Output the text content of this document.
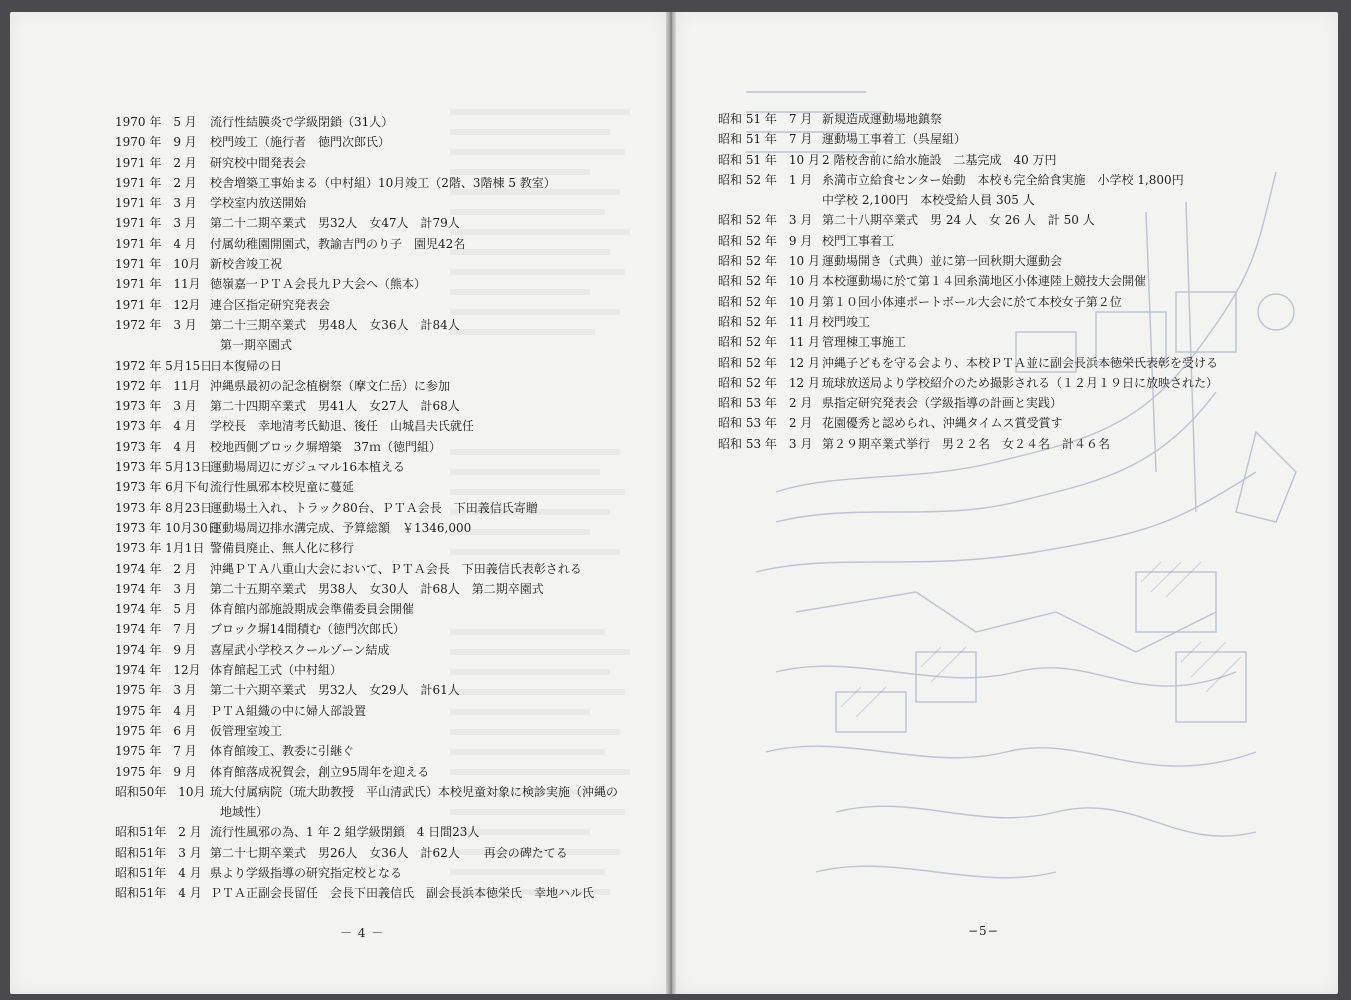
1970 年　5 月 流行性結膜炎で学級閉鎖（31人）
1970 年　9 月 校門竣工（施行者　徳門次郎氏）
1971 年　2 月 研究校中間発表会
1971 年　2 月 校舎増築工事始まる（中村組）10月竣工（2階、3階棟 5 教室）
1971 年　3 月 学校室内放送開始
1971 年　3 月 第二十二期卒業式　男32人　女47人　計79人
1971 年　4 月 付属幼稚園開園式，教諭吉門のり子　園児42名
1971 年　10月 新校舎竣工祝
1971 年　11月 徳嶺嘉一ＰＴＡ会長九Ｐ大会へ（熊本）
1971 年　12月 連合区指定研究発表会
1972 年　3 月 第二十三期卒業式　男48人　女36人　計84人
第一期卒園式
1972 年 5月15日
日本復帰の日
1972 年　11月 沖縄県最初の記念植樹祭（摩文仁岳）に参加
1973 年　3 月 第二十四期卒業式　男41人　女27人　計68人
1973 年　4 月 学校長　幸地清考氏勧退、後任　山城昌夫氏就任
1973 年　4 月 校地西側ブロック塀増築　37ｍ（徳門組）
1973 年 5月13日
運動場周辺にガジュマル16本植える
1973 年 6月下旬 流行性風邪本校児童に蔓延
1973 年 8月23日
運動場土入れ、トラック80台、ＰＴＡ会長　下田義信氏寄贈
1973 年 10月30日
運動場周辺排水溝完成、予算総額　￥1346,000
1973 年 1月1日 警備員廃止、無人化に移行
1974 年　2 月 沖縄ＰＴＡ八重山大会において、ＰＴＡ会長　下田義信氏表彰される
1974 年　3 月 第二十五期卒業式　男38人　女30人　計68人　第二期卒園式
1974 年　5 月 体育館内部施設期成会準備委員会開催
1974 年　7 月 ブロック塀14間積む（徳門次郎氏）
1974 年　9 月 喜屋武小学校スクールゾーン結成
1974 年　12月 体育館起工式（中村組）
1975 年　3 月 第二十六期卒業式　男32人　女29人　計61人
1975 年　4 月 ＰＴＡ組織の中に婦人部設置
1975 年　6 月 仮管理室竣工
1975 年　7 月 体育館竣工、教委に引継ぐ
1975 年　9 月 体育館落成祝賀会，創立95周年を迎える
昭和50年　10月 琉大付属病院（琉大助教授　平山清武氏）本校児童対象に検診実施（沖縄の
地域性）
昭和51年　2 月 流行性風邪の為、1 年 2 組学級閉鎖　4 日間23人
昭和51年　3 月 第二十七期卒業式　男26人　女36人　計62人　　再会の碑たてる
昭和51年　4 月 県より学級指導の研究指定校となる
昭和51年　4 月 ＰＴＡ正副会長留任　会長下田義信氏　副会長浜本徳栄氏　幸地ハル氏
－ 4 －
昭和 51 年　7 月 新規造成運動場地鎮祭
昭和 51 年　7 月 運動場工事着工（呉屋組）
昭和 51 年　10 月 2 階校舎前に給水施設　二基完成　40 万円
昭和 52 年　1 月 糸満市立給食センター始動　本校も完全給食実施　小学校 1,800円
中学校 2,100円　本校受給人員 305 人
昭和 52 年　3 月 第二十八期卒業式　男 24 人　女 26 人　計 50 人
昭和 52 年　9 月 校門工事着工
昭和 52 年　10 月 運動場開き（式典）並に第一回秋期大運動会
昭和 52 年　10 月 本校運動場に於て第１４回糸満地区小体連陸上競技大会開催
昭和 52 年　10 月 第１０回小体連ポートボール大会に於て本校女子第２位
昭和 52 年　11 月 校門竣工
昭和 52 年　11 月 管理棟工事施工
昭和 52 年　12 月 沖縄子どもを守る会より、本校ＰＴＡ並に副会長浜本徳栄氏表彰を受ける
昭和 52 年　12 月 琉球放送局より学校紹介のため撮影される（１２月１９日に放映された）
昭和 53 年　2 月 県指定研究発表会（学級指導の計画と実践）
昭和 53 年　2 月 花園優秀と認められ、沖縄タイムス賞受賞す
昭和 53 年　3 月 第２９期卒業式挙行　男２２名　女２４名　計４６名
−5−
